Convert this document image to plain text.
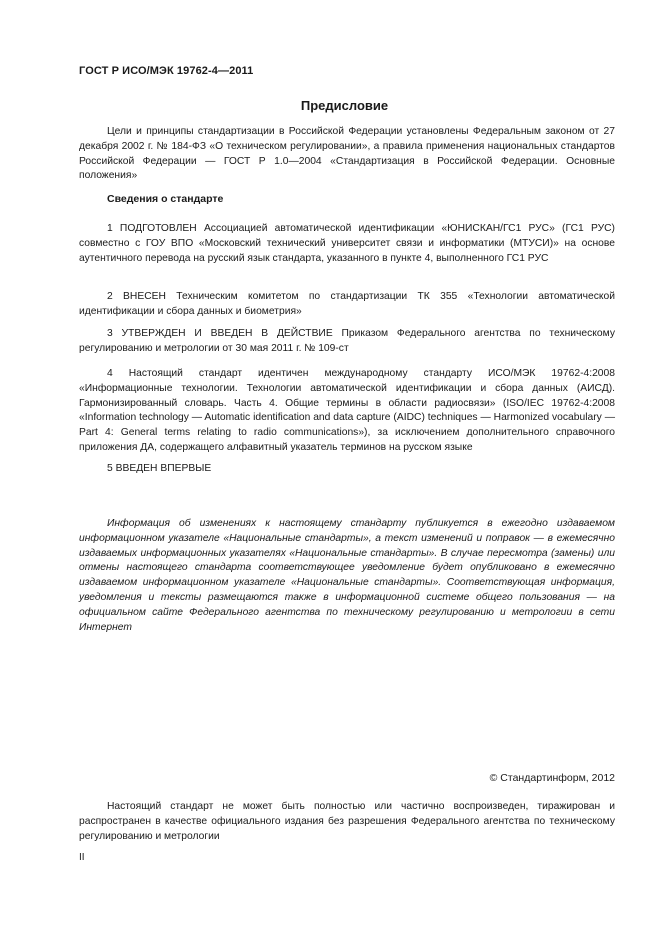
ГОСТ Р ИСО/МЭК 19762-4—2011
Предисловие

Цели и принципы стандартизации в Российской Федерации установлены Федеральным законом от 27 декабря 2002 г. № 184-ФЗ «О техническом регулировании», а правила применения национальных стандартов Российской Федерации — ГОСТ Р 1.0—2004 «Стандартизация в Российской Федерации. Основные положения»

Сведения о стандарте

1 ПОДГОТОВЛЕН Ассоциацией автоматической идентификации «ЮНИСКАН/ГС1 РУС» (ГС1 РУС) совместно с ГОУ ВПО «Московский технический университет связи и информатики (МТУСИ)» на основе аутентичного перевода на русский язык стандарта, указанного в пункте 4, выполненного ГС1 РУС

2 ВНЕСЕН Техническим комитетом по стандартизации ТК 355 «Технологии автоматической идентификации и сбора данных и биометрия»

3 УТВЕРЖДЕН И ВВЕДЕН В ДЕЙСТВИЕ Приказом Федерального агентства по техническому регулированию и метрологии от 30 мая 2011 г. № 109-ст

4 Настоящий стандарт идентичен международному стандарту ИСО/МЭК 19762-4:2008 «Информационные технологии. Технологии автоматической идентификации и сбора данных (АИСД). Гармонизированный словарь. Часть 4. Общие термины в области радиосвязи» (ISO/IEC 19762-4:2008 «Information technology — Automatic identification and data capture (AIDC) techniques — Harmonized vocabulary — Part 4: General terms relating to radio communications»), за исключением дополнительного справочного приложения ДА, содержащего алфавитный указатель терминов на русском языке

5 ВВЕДЕН ВПЕРВЫЕ

Информация об изменениях к настоящему стандарту публикуется в ежегодно издаваемом информационном указателе «Национальные стандарты», а текст изменений и поправок — в ежемесячно издаваемых информационных указателях «Национальные стандарты». В случае пересмотра (замены) или отмены настоящего стандарта соответствующее уведомление будет опубликовано в ежемесячно издаваемом информационном указателе «Национальные стандарты». Соответствующая информация, уведомления и тексты размещаются также в информационной системе общего пользования — на официальном сайте Федерального агентства по техническому регулированию и метрологии в сети Интернет

© Стандартинформ, 2012

Настоящий стандарт не может быть полностью или частично воспроизведен, тиражирован и распространен в качестве официального издания без разрешения Федерального агентства по техническому регулированию и метрологии

II
